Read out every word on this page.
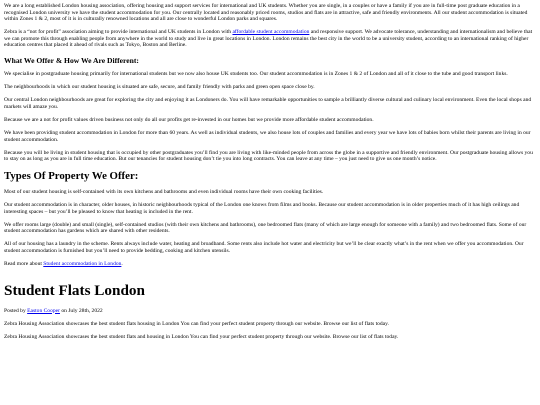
We are a long established London housing association, offering housing and support services for international and UK students. Whether you are single, in a couples or have a family if you are in full-time post graduate education in a recognised London university we have the student accommodation for you. Our centrally located and reasonably priced rooms, studios and flats are in attractive, safe and friendly environments. All our student accommodation is situated within Zones 1 & 2, most of it is in culturally renowned locations and all are close to wonderful London parks and squares.

Zebra is a “not for profit” association aiming to provide international and UK students in London with affordable student accommodation and responsive support. We advocate tolerance, understanding and internationalism and believe that we can promote this through enabling people from anywhere in the world to study and live in great locations in London. London remains the best city in the world to be a university student, according to an international ranking of higher education centres that placed it ahead of rivals such as Tokyo, Boston and Berline.

What We Offer & How We Are Different:

We specialise in postgraduate housing primarily for international students but we now also house UK students too. Our student accommodation is in Zones 1 & 2 of London and all of it close to the tube and good transport links.

The neighbourhoods in which our student housing is situated are safe, secure, and family friendly with parks and green open space close by.

Our central London neighbourhoods are great for exploring the city and enjoying it as Londoners do. You will have remarkable opportunities to sample a brilliantly diverse cultural and culinary local environment. Even the local shops and markets will amaze you.

Because we are a not for profit values driven business not only do all our profits get re-invested in our homes but we provide more affordable student accommodation.

We have been providing student accommodation in London for more than 60 years. As well as individual students, we also house lots of couples and families and every year we have lots of babies born whilst their parents are living in our student accommodation.

Because you will be living in student housing that is occupied by other postgraduates you’ll find you are living with like-minded people from across the globe in a supportive and friendly environment. Our postgraduate housing allows you to stay on as long as you are in full time education. But our tenancies for student housing don’t tie you into long contracts. You can leave at any time – you just need to give us one month’s notice.

Types Of Property We Offer:

Most of our student housing is self-contained with its own kitchens and bathrooms and even individual rooms have their own cooking facilities.

Our student accommodation is in character, older houses, in historic neighbourhoods typical of the London one knows from films and books. Because our student accommodation is in older properties much of it has high ceilings and interesting spaces – but you’ll be pleased to know that heating is included in the rent.

We offer rooms large (double) and small (single), self-contained studios (with their own kitchens and bathrooms), one bedroomed flats (many of which are large enough for someone with a family) and two bedroomed flats. Some of our student accommodation has gardens which are shared with other residents.

All of our housing has a laundry in the scheme. Rents always include water, heating and broadband. Some rents also include hot water and electricity but we’ll be clear exactly what’s in the rent when we offer you accommodation. Our student accommodation is furnished but you’ll need to provide bedding, cooking and kitchen utensils.

Read more about Student accommodation in London.

Student Flats London

Posted by Easton Cooper on July 28th, 2022

Zebra Housing Association showcases the best student flats housing in London You can find your perfect student property through our website. Browse our list of flats today.

Zebra Housing Association showcases the best student flats and housing in London You can find your perfect student property through our website. Browse our list of flats today.
